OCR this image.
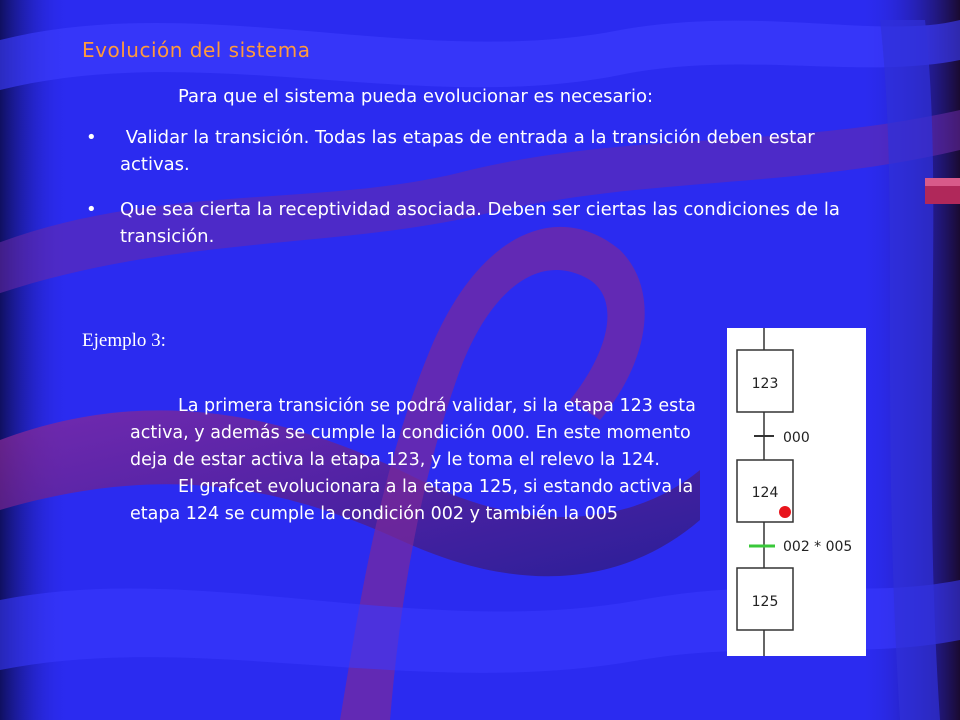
Evolución del sistema
Para que el sistema pueda evolucionar es necesario:
• Validar la transición. Todas las etapas de entrada a la transición deben estar activas.
• Que sea cierta la receptividad asociada. Deben ser ciertas las condiciones de la transición.
Ejemplo 3:
La primera transición se podrá validar, si la etapa 123 esta activa, y además se cumple la condición 000. En este momento deja de estar activa la etapa 123, y le toma el relevo la 124.
El grafcet evolucionara a la etapa 125, si estando activa la etapa 124 se cumple la condición 002 y también la 005
123
000
124
002 * 005
125
